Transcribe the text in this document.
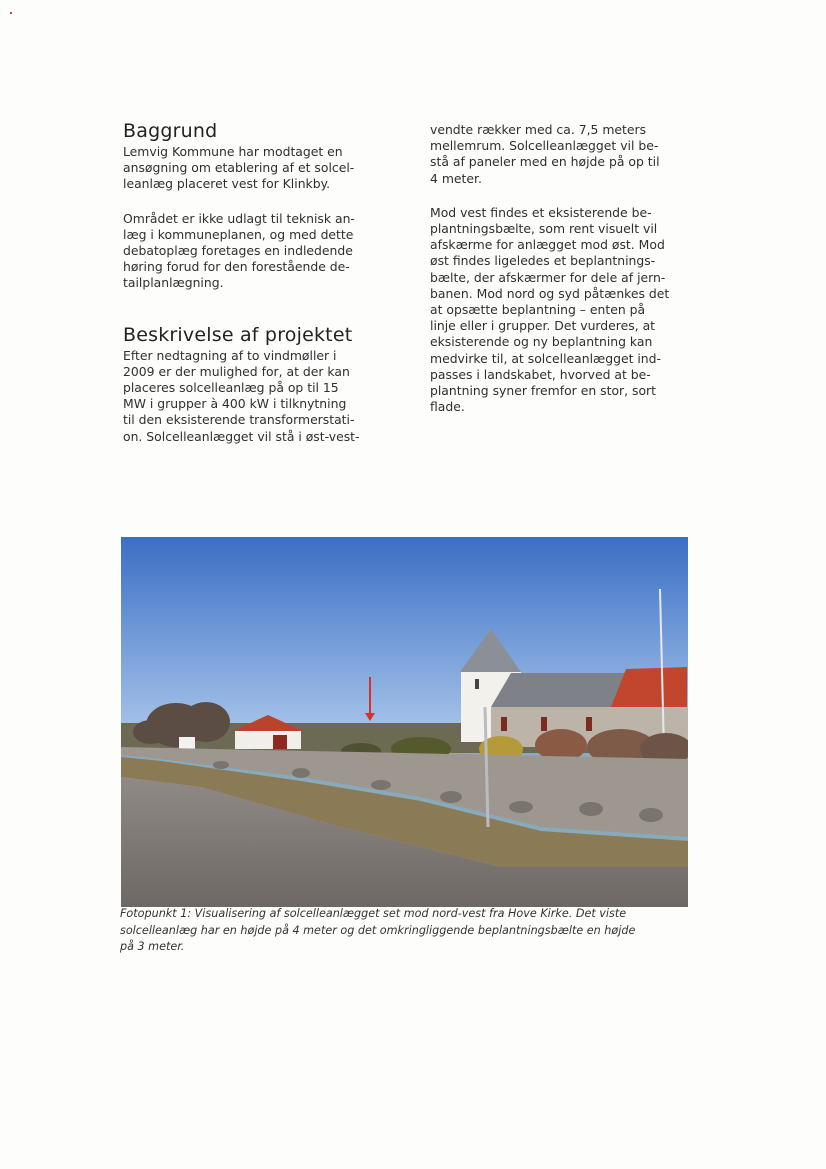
Baggrund

Lemvig Kommune har modtaget en
ansøgning om etablering af et solcel-
leanlæg placeret vest for Klinkby.

Området er ikke udlagt til teknisk an-
læg i kommuneplanen, og med dette
debatoplæg foretages en indledende
høring forud for den forestående de-
tailplanlægning.

Beskrivelse af projektet

Efter nedtagning af to vindmøller i
2009 er der mulighed for, at der kan
placeres solcelleanlæg på op til 15
MW i grupper à 400 kW i tilknytning
til den eksisterende transformerstati-
on. Solcelleanlægget vil stå i øst-vest-

vendte rækker med ca. 7,5 meters
mellemrum. Solcelleanlægget vil be-
stå af paneler med en højde på op til
4 meter.

Mod vest findes et eksisterende be-
plantningsbælte, som rent visuelt vil
afskærme for anlægget mod øst. Mod
øst findes ligeledes et beplantnings-
bælte, der afskærmer for dele af jern-
banen. Mod nord og syd påtænkes det
at opsætte beplantning – enten på
linje eller i grupper. Det vurderes, at
eksisterende og ny beplantning kan
medvirke til, at solcelleanlægget ind-
passes i landskabet, hvorved at be-
plantning syner fremfor en stor, sort
flade.

Fotopunkt 1: Visualisering af solcelleanlægget set mod nord-vest fra Hove Kirke. Det viste
solcelleanlæg har en højde på 4 meter og det omkringliggende beplantningsbælte en højde
på 3 meter.
